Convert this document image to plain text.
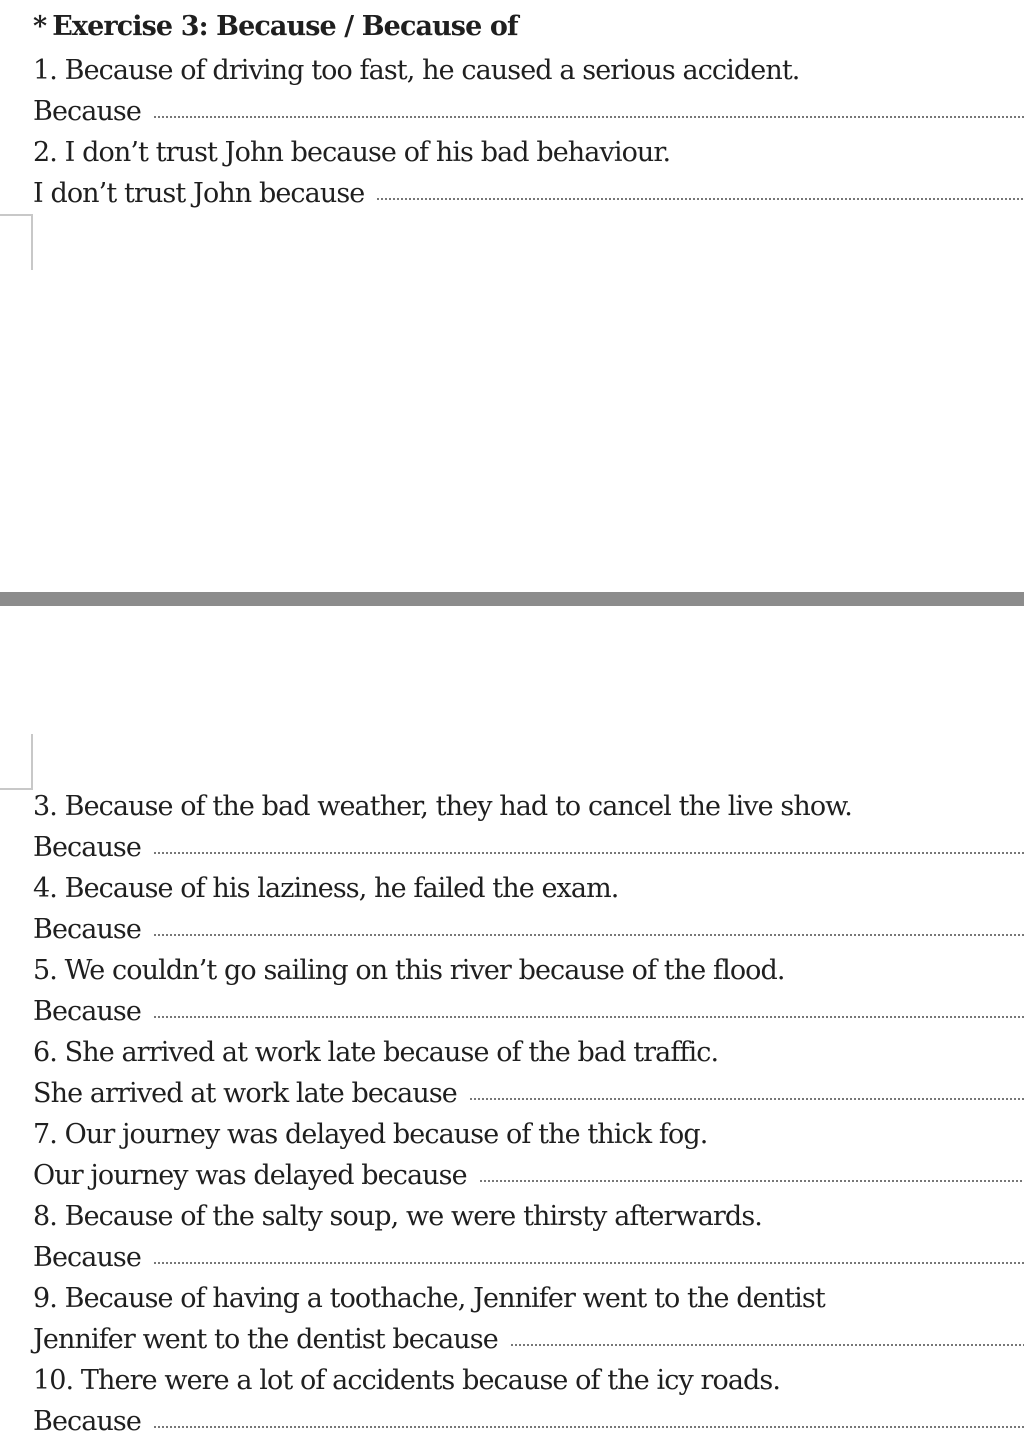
* Exercise 3: Because / Because of
1. Because of driving too fast, he caused a serious accident.
Because
2. I don’t trust John because of his bad behaviour.
I don’t trust John because
3. Because of the bad weather, they had to cancel the live show.
Because
4. Because of his laziness, he failed the exam.
Because
5. We couldn’t go sailing on this river because of the flood.
Because
6. She arrived at work late because of the bad traffic.
She arrived at work late because
7. Our journey was delayed because of the thick fog.
Our journey was delayed because
8. Because of the salty soup, we were thirsty afterwards.
Because
9. Because of having a toothache, Jennifer went to the dentist
Jennifer went to the dentist because
10. There were a lot of accidents because of the icy roads.
Because
